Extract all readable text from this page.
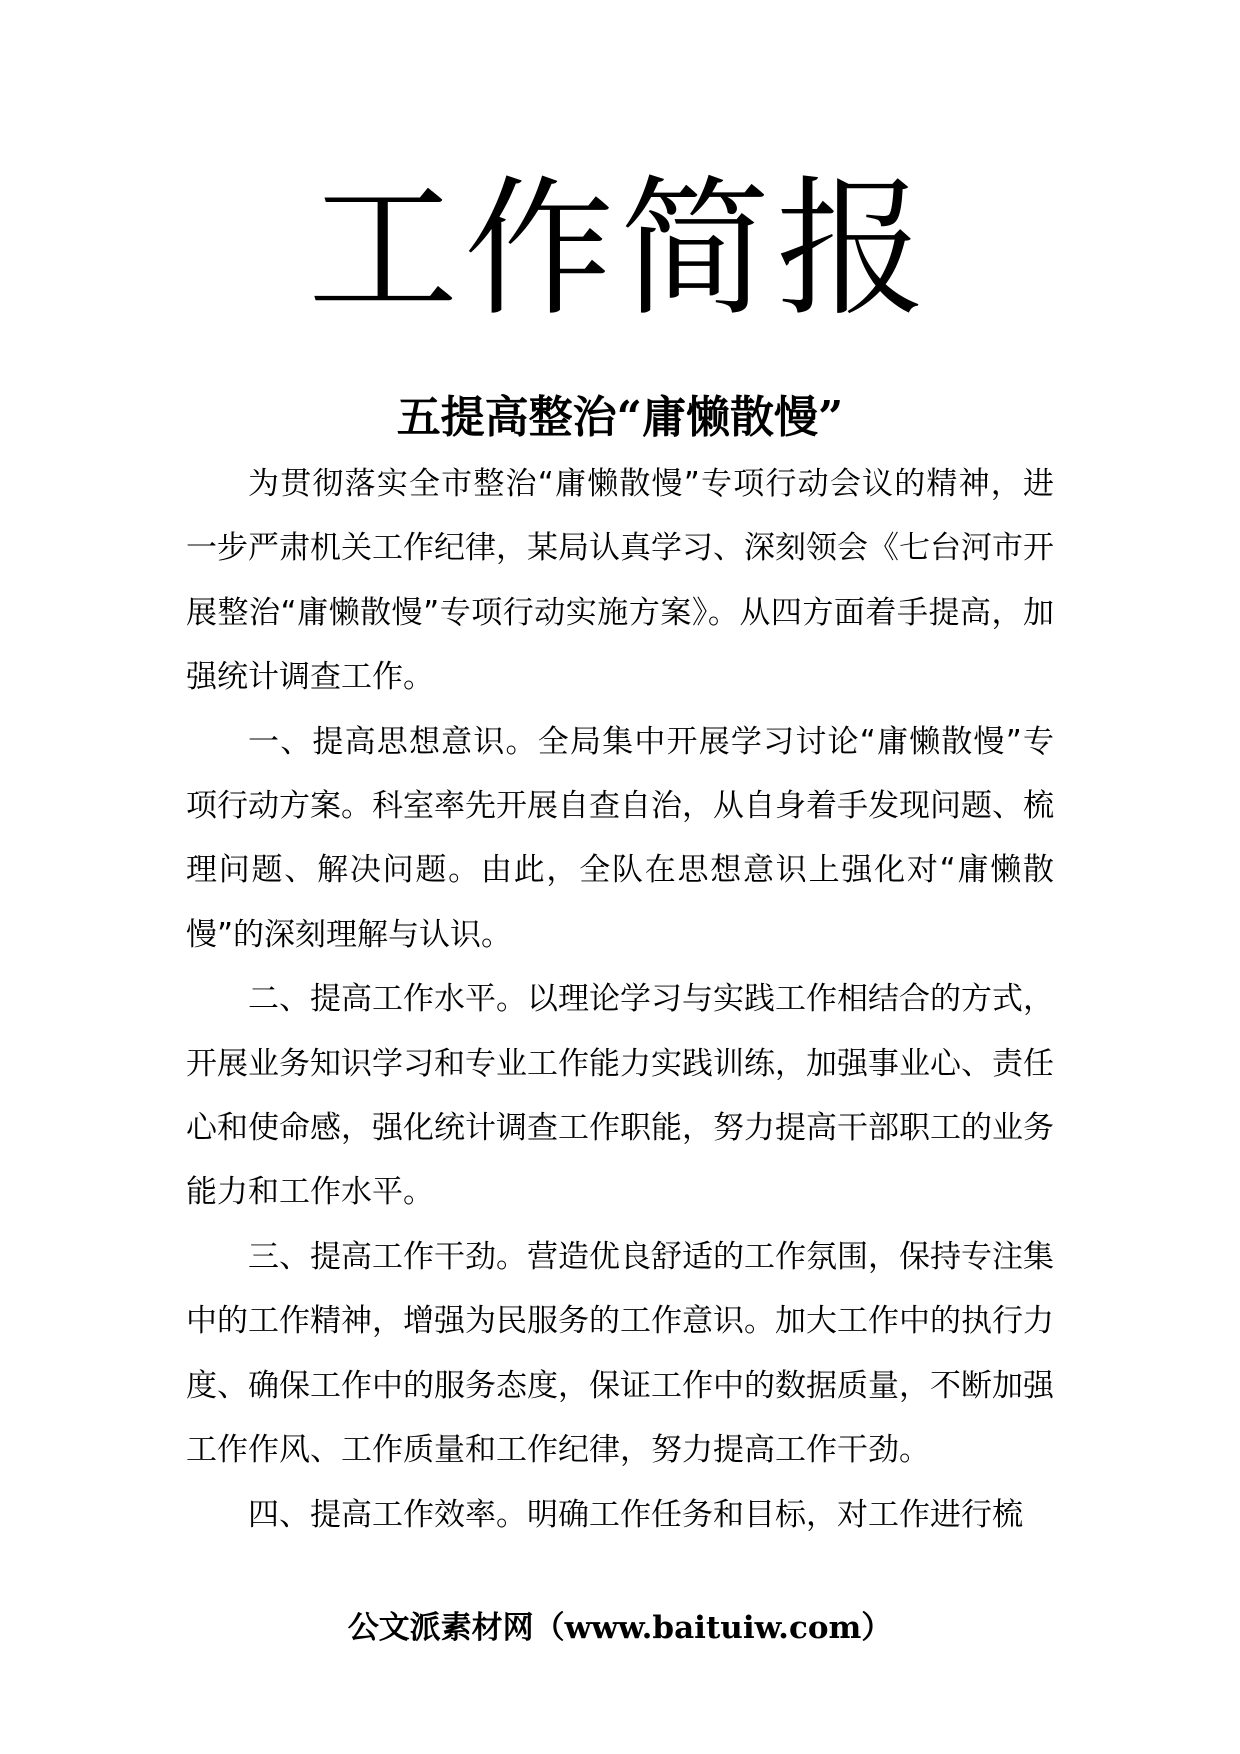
工作简报
五提高整治“庸懒散慢”

为贯彻落实全市整治“庸懒散慢”专项行动会议的精神，进一步严肃机关工作纪律，某局认真学习、深刻领会《七台河市开展整治“庸懒散慢”专项行动实施方案》。从四方面着手提高，加强统计调查工作。

一、提高思想意识。全局集中开展学习讨论“庸懒散慢”专项行动方案。科室率先开展自查自治，从自身着手发现问题、梳理问题、解决问题。由此，全队在思想意识上强化对“庸懒散慢”的深刻理解与认识。

二、提高工作水平。以理论学习与实践工作相结合的方式，开展业务知识学习和专业工作能力实践训练，加强事业心、责任心和使命感，强化统计调查工作职能，努力提高干部职工的业务能力和工作水平。

三、提高工作干劲。营造优良舒适的工作氛围，保持专注集中的工作精神，增强为民服务的工作意识。加大工作中的执行力度、确保工作中的服务态度，保证工作中的数据质量，不断加强工作作风、工作质量和工作纪律，努力提高工作干劲。

四、提高工作效率。明确工作任务和目标，对工作进行梳

公文派素材网（www.baituiw.com）
